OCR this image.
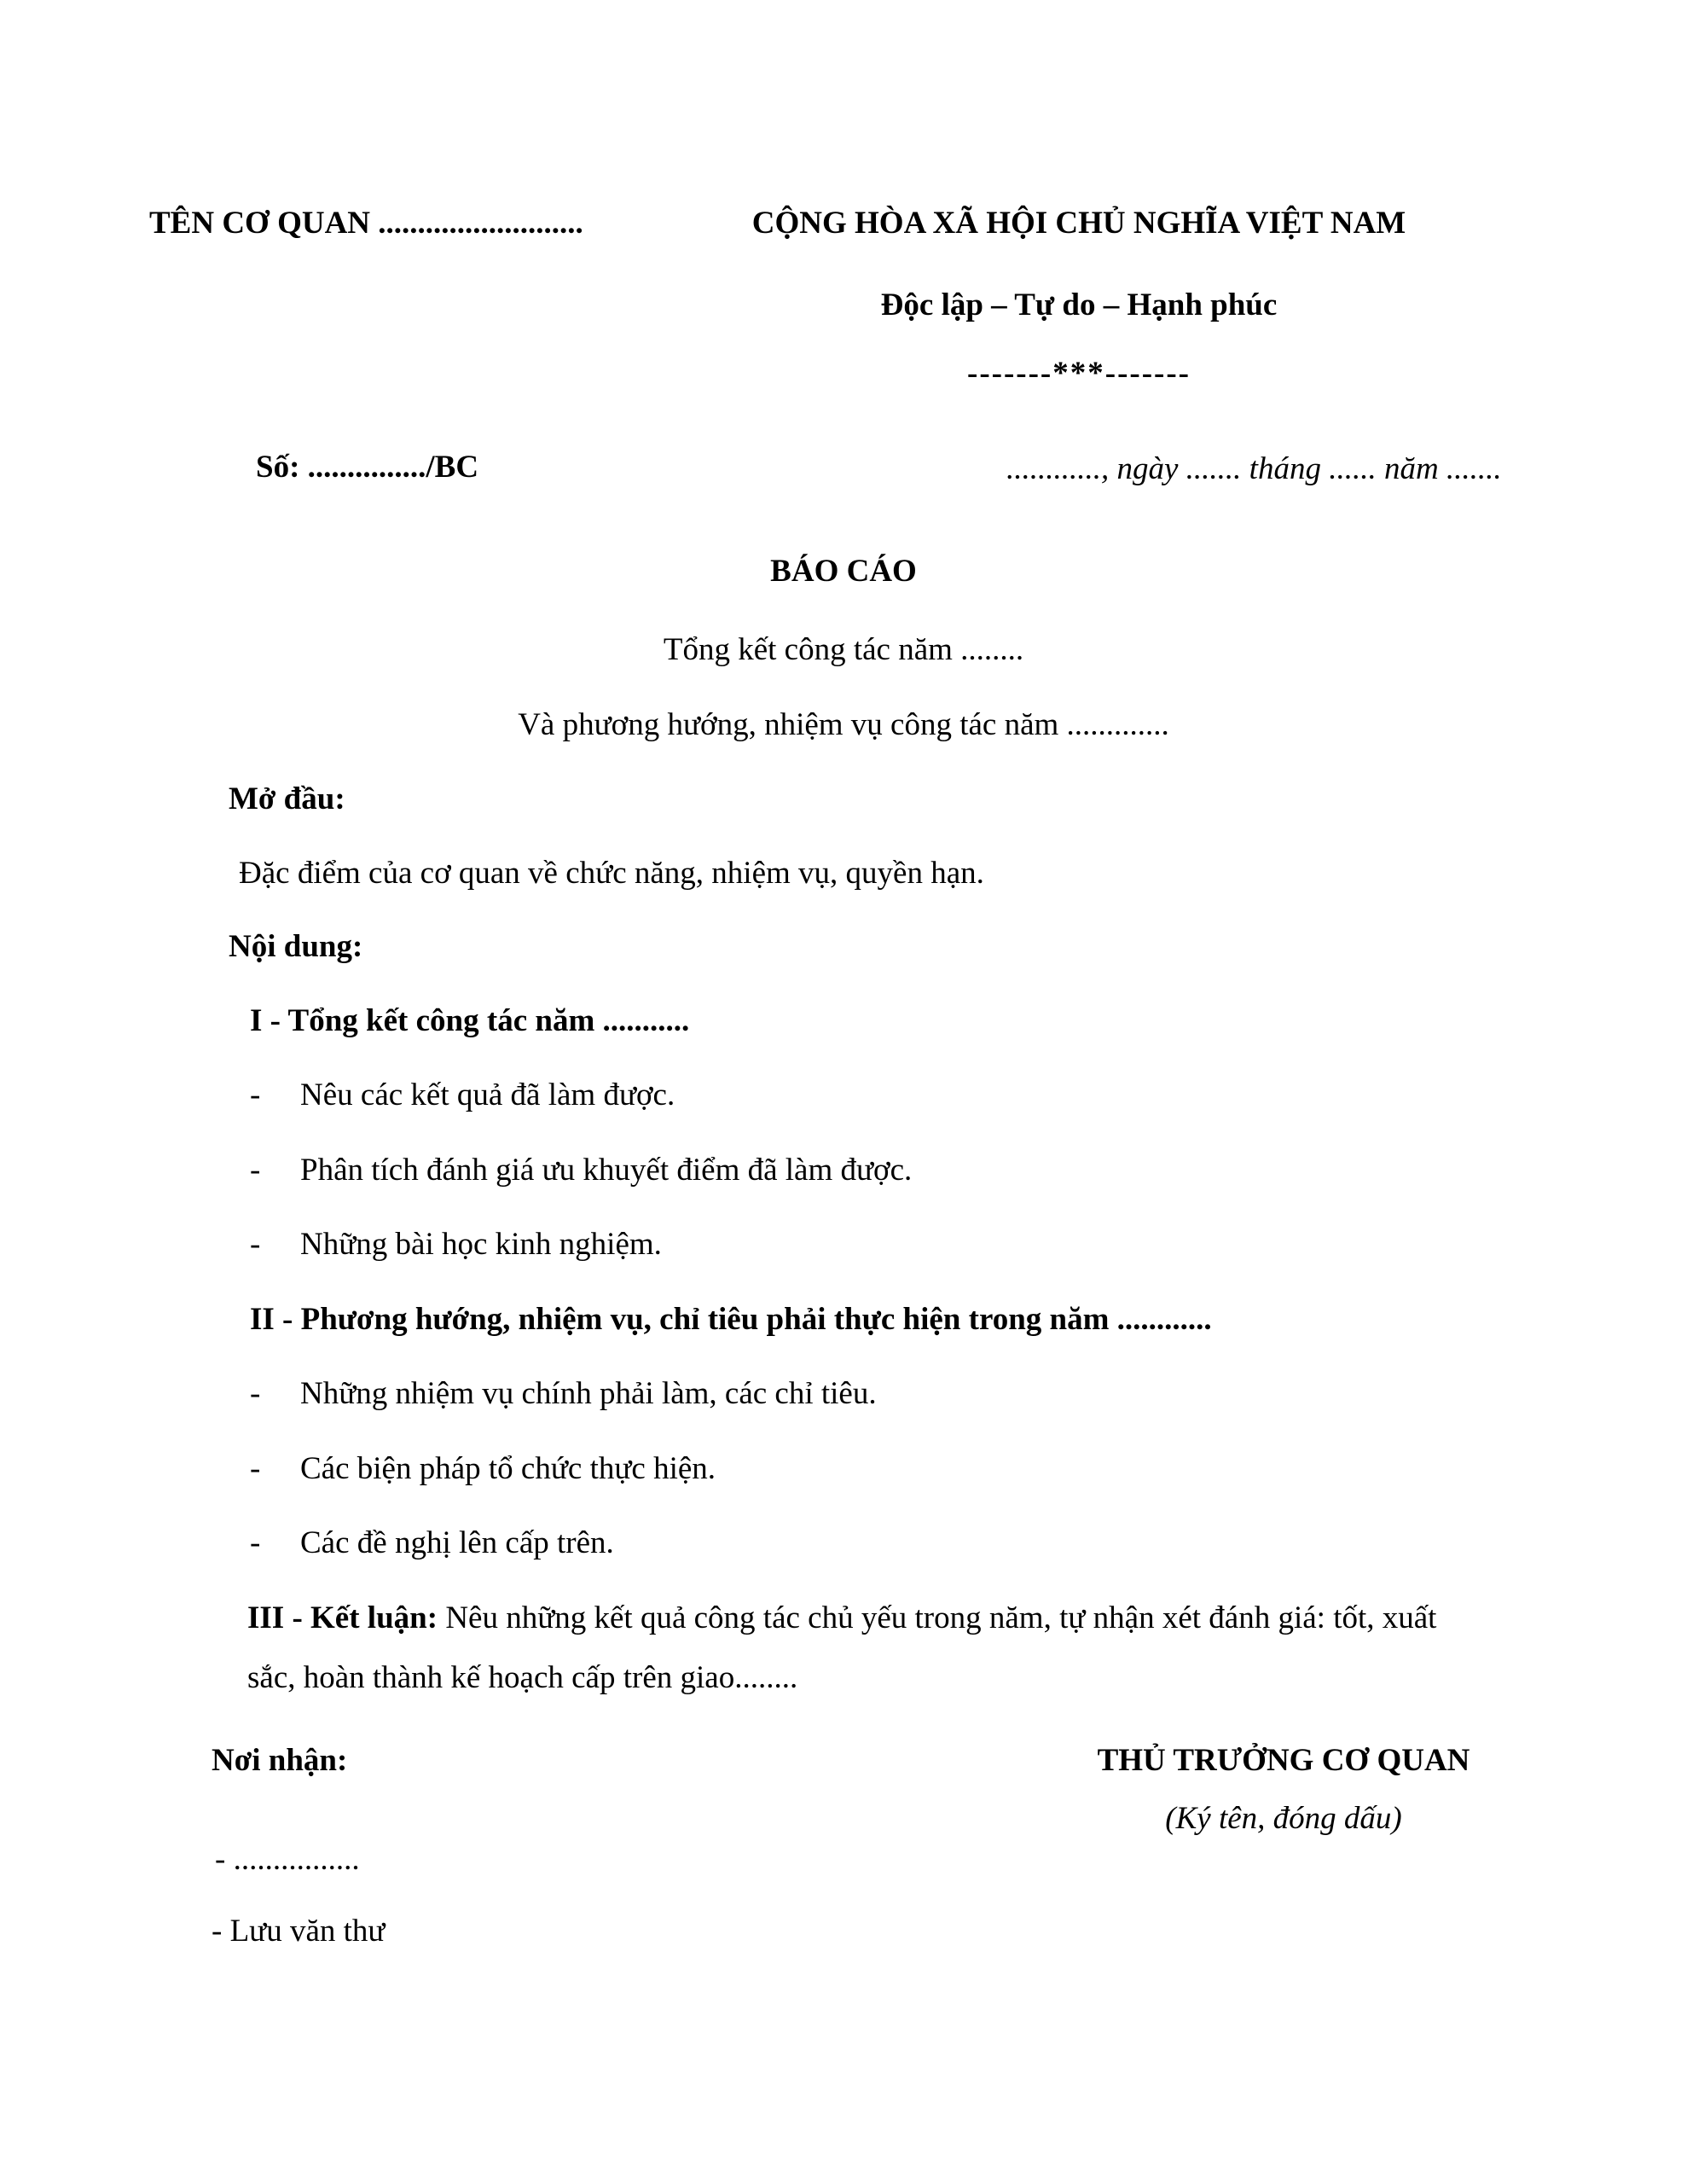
TÊN CƠ QUAN ..........................	CỘNG HÒA XÃ HỘI CHỦ NGHĨA VIỆT NAM
Độc lập – Tự do – Hạnh phúc
-------***-------
Số: .............../BC	............, ngày ....... tháng ...... năm .......
BÁO CÁO
Tổng kết công tác năm ........
Và phương hướng, nhiệm vụ công tác năm .............
Mở đầu:
Đặc điểm của cơ quan về chức năng, nhiệm vụ, quyền hạn.
Nội dung:
I - Tổng kết công tác năm ...........
- Nêu các kết quả đã làm được.
- Phân tích đánh giá ưu khuyết điểm đã làm được.
- Những bài học kinh nghiệm.
II - Phương hướng, nhiệm vụ, chỉ tiêu phải thực hiện trong năm ............
- Những nhiệm vụ chính phải làm, các chỉ tiêu.
- Các biện pháp tổ chức thực hiện.
- Các đề nghị lên cấp trên.
III - Kết luận: Nêu những kết quả công tác chủ yếu trong năm, tự nhận xét đánh giá: tốt, xuất
sắc, hoàn thành kế hoạch cấp trên giao........
Nơi nhận:	THỦ TRƯỞNG CƠ QUAN
(Ký tên, đóng dấu)
- ................
- Lưu văn thư
